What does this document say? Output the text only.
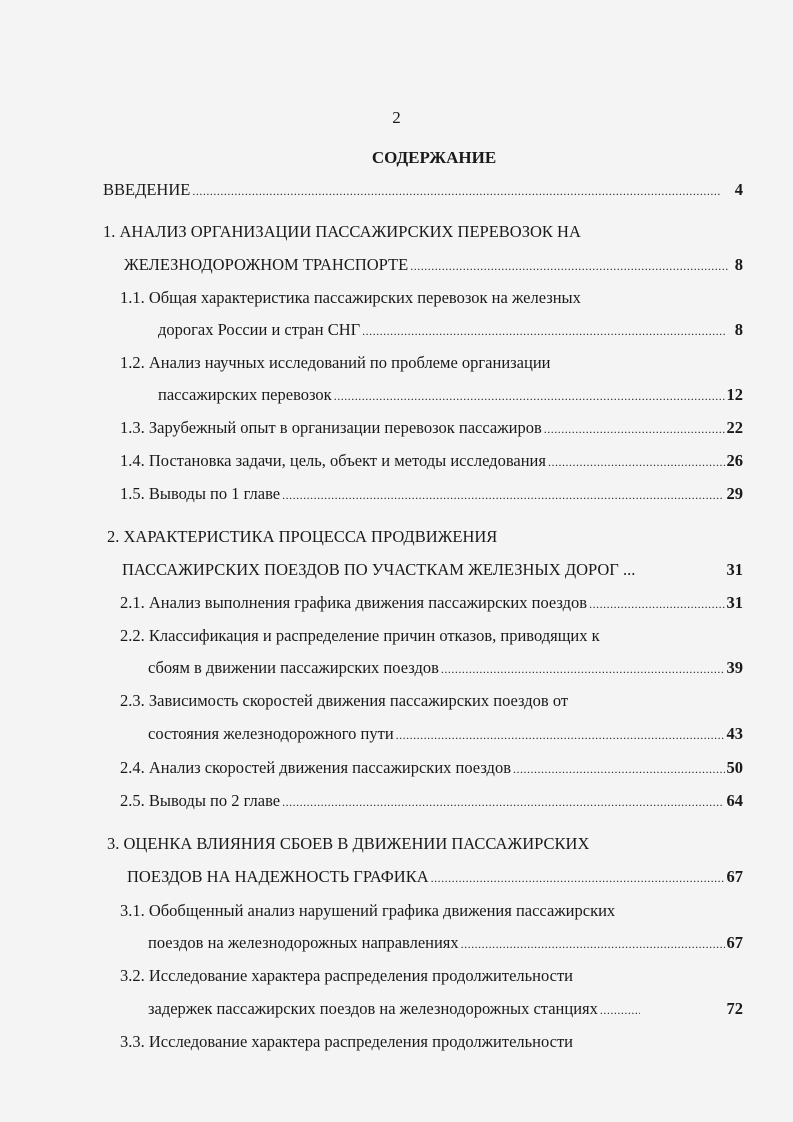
2
СОДЕРЖАНИЕ
ВВЕДЕНИЕ .....	4
1. АНАЛИЗ ОРГАНИЗАЦИИ ПАССАЖИРСКИХ ПЕРЕВОЗОК НА
ЖЕЛЕЗНОДОРОЖНОМ ТРАНСПОРТЕ .....	8
1.1. Общая характеристика пассажирских перевозок на железных
дорогах России и стран СНГ .....	8
1.2. Анализ научных исследований по проблеме организации
пассажирских перевозок .....	12
1.3. Зарубежный опыт в организации перевозок пассажиров .....	22
1.4. Постановка задачи, цель, объект и методы исследования .....	26
1.5. Выводы по 1 главе .....	29
2. ХАРАКТЕРИСТИКА ПРОЦЕССА ПРОДВИЖЕНИЯ
ПАССАЖИРСКИХ ПОЕЗДОВ ПО УЧАСТКАМ ЖЕЛЕЗНЫХ ДОРОГ ...	31
2.1. Анализ выполнения графика движения пассажирских поездов .....	31
2.2. Классификация и распределение причин отказов, приводящих к
сбоям в движении пассажирских поездов .....	39
2.3. Зависимость скоростей движения пассажирских поездов от
состояния железнодорожного пути .....	43
2.4. Анализ скоростей движения пассажирских поездов .....	50
2.5. Выводы по 2 главе .....	64
3. ОЦЕНКА ВЛИЯНИЯ СБОЕВ В ДВИЖЕНИИ ПАССАЖИРСКИХ
ПОЕЗДОВ НА НАДЕЖНОСТЬ ГРАФИКА .....	67
3.1. Обобщенный анализ нарушений графика движения пассажирских
поездов на железнодорожных направлениях .....	67
3.2. Исследование характера распределения продолжительности
задержек пассажирских поездов на железнодорожных станциях .....	72
3.3. Исследование характера распределения продолжительности
